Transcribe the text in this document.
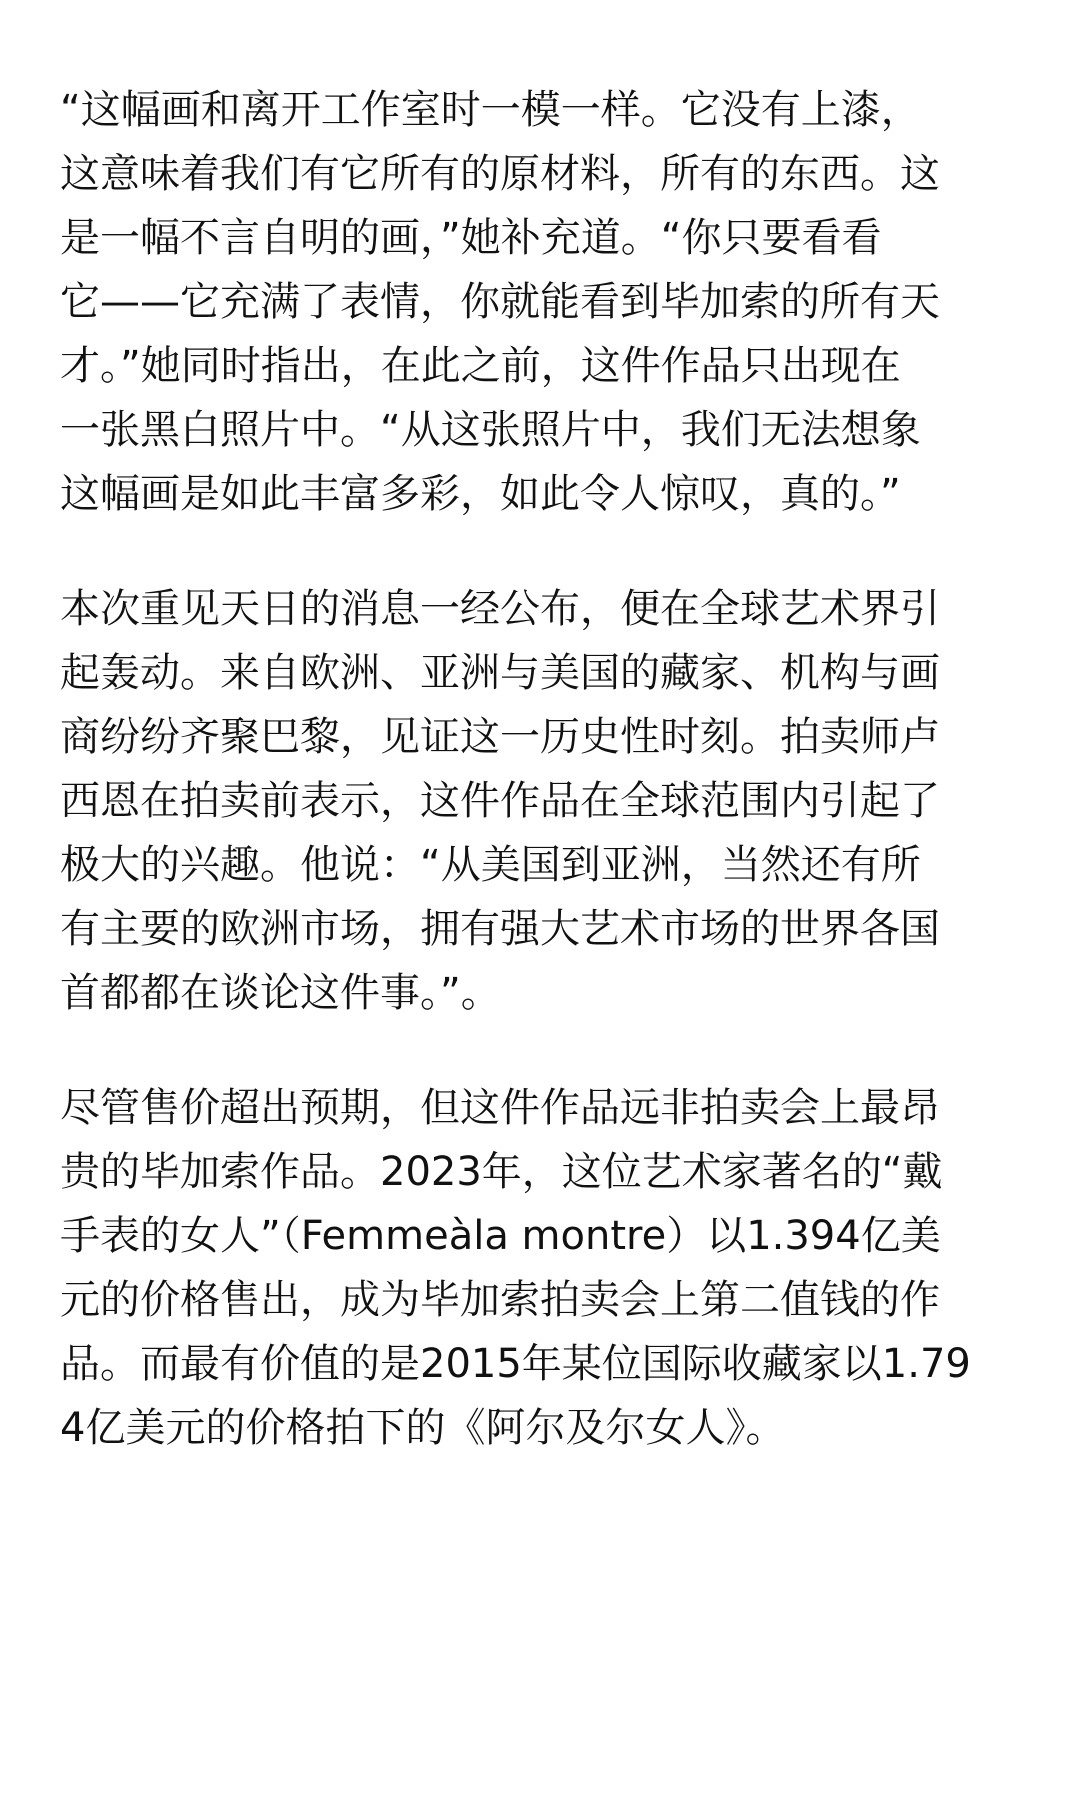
“这幅画和离开工作室时一模一样。它没有上漆，
这意味着我们有它所有的原材料，所有的东西。这
是一幅不言自明的画，”她补充道。“你只要看看
它——它充满了表情，你就能看到毕加索的所有天
才。”她同时指出，在此之前，这件作品只出现在
一张黑白照片中。“从这张照片中，我们无法想象
这幅画是如此丰富多彩，如此令人惊叹，真的。”

本次重见天日的消息一经公布，便在全球艺术界引
起轰动。来自欧洲、亚洲与美国的藏家、机构与画
商纷纷齐聚巴黎，见证这一历史性时刻。拍卖师卢
西恩在拍卖前表示，这件作品在全球范围内引起了
极大的兴趣。他说：“从美国到亚洲，当然还有所
有主要的欧洲市场，拥有强大艺术市场的世界各国
首都都在谈论这件事。”。

尽管售价超出预期，但这件作品远非拍卖会上最昂
贵的毕加索作品。2023年，这位艺术家著名的“戴
手表的女人”（Femmeàla montre）以1.394亿美
元的价格售出，成为毕加索拍卖会上第二值钱的作
品。而最有价值的是2015年某位国际收藏家以1.79
4亿美元的价格拍下的《阿尔及尔女人》。
